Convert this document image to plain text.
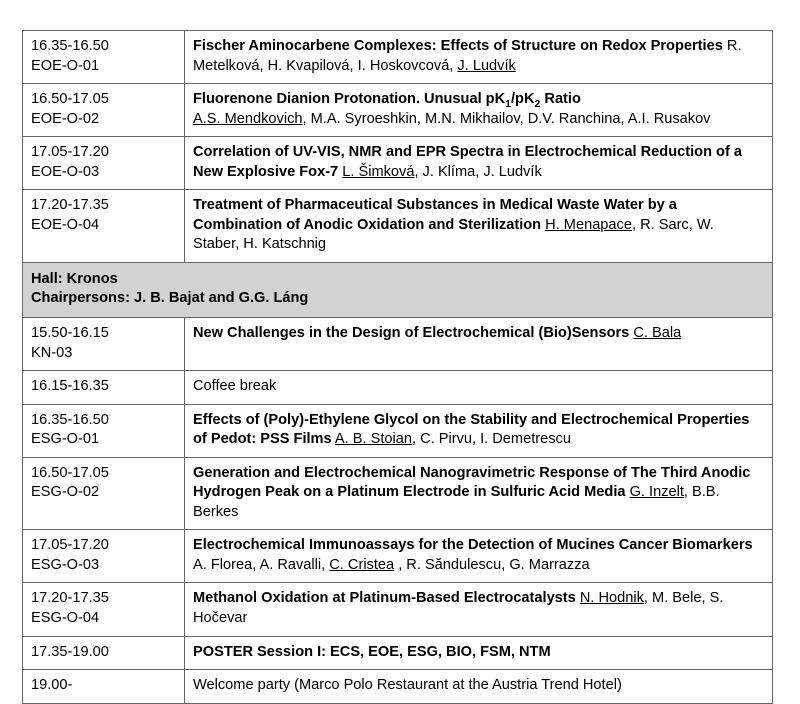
16.35-16.50
EOE-O-01	Fischer Aminocarbene Complexes: Effects of Structure on Redox Properties R. Metelková, H. Kvapilová, I. Hoskovcová, J. Ludvík

16.50-17.05
EOE-O-02	Fluorenone Dianion Protonation. Unusual $pK_1/pK_2$ Ratio
A.S. Mendkovich, M.A. Syroeshkin, M.N. Mikhailov, D.V. Ranchina, A.I. Rusakov

17.05-17.20
EOE-O-03	Correlation of UV-VIS, NMR and EPR Spectra in Electrochemical Reduction of a New Explosive Fox-7 L. Šimková, J. Klíma, J. Ludvík

17.20-17.35
EOE-O-04	Treatment of Pharmaceutical Substances in Medical Waste Water by a Combination of Anodic Oxidation and Sterilization H. Menapace, R. Sarc, W. Staber, H. Katschnig

Hall: Kronos
Chairpersons: J. B. Bajat and G.G. Láng	

15.50-16.15
KN-03	New Challenges in the Design of Electrochemical (Bio)Sensors C. Bala

16.15-16.35	Coffee break

16.35-16.50
ESG-O-01	Effects of (Poly)-Ethylene Glycol on the Stability and Electrochemical Properties of Pedot: PSS Films A. B. Stoian, C. Pirvu, I. Demetrescu

16.50-17.05
ESG-O-02	Generation and Electrochemical Nanogravimetric Response of The Third Anodic Hydrogen Peak on a Platinum Electrode in Sulfuric Acid Media G. Inzelt, B.B. Berkes

17.05-17.20
ESG-O-03	Electrochemical Immunoassays for the Detection of Mucines Cancer Biomarkers A. Florea, A. Ravalli, C. Cristea , R. Săndulescu, G. Marrazza

17.20-17.35
ESG-O-04	Methanol Oxidation at Platinum-Based Electrocatalysts N. Hodnik, M. Bele, S. Hočevar

17.35-19.00	POSTER Session I: ECS, EOE, ESG, BIO, FSM, NTM

19.00-	Welcome party (Marco Polo Restaurant at the Austria Trend Hotel)
